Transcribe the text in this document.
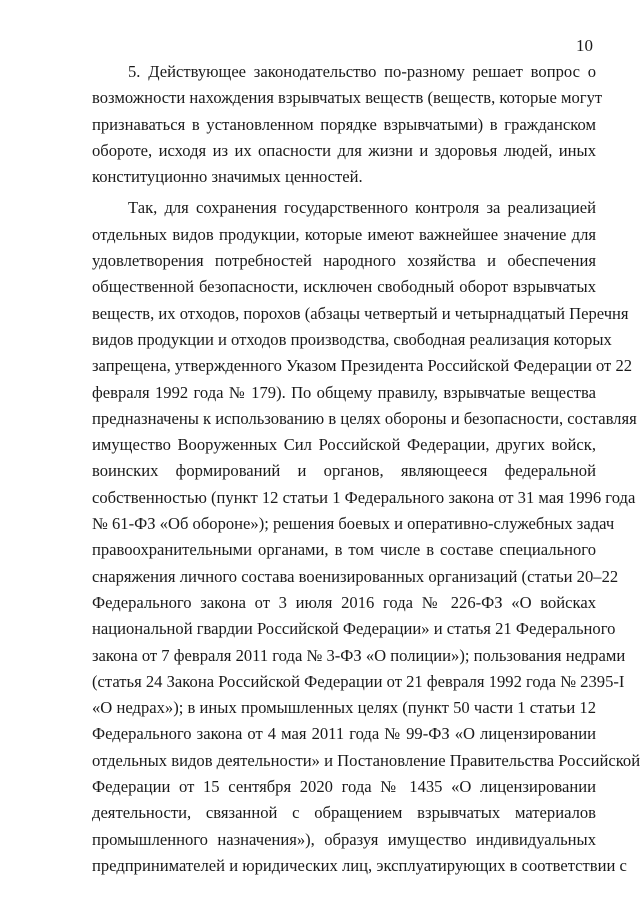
10
5. Действующее законодательство по-разному решает вопрос о
возможности нахождения взрывчатых веществ (веществ, которые могут
признаваться в установленном порядке взрывчатыми) в гражданском
обороте, исходя из их опасности для жизни и здоровья людей, иных
конституционно значимых ценностей.
Так, для сохранения государственного контроля за реализацией
отдельных видов продукции, которые имеют важнейшее значение для
удовлетворения потребностей народного хозяйства и обеспечения
общественной безопасности, исключен свободный оборот взрывчатых
веществ, их отходов, порохов (абзацы четвертый и четырнадцатый Перечня
видов продукции и отходов производства, свободная реализация которых
запрещена, утвержденного Указом Президента Российской Федерации от 22
февраля 1992 года № 179). По общему правилу, взрывчатые вещества
предназначены к использованию в целях обороны и безопасности, составляя
имущество Вооруженных Сил Российской Федерации, других войск,
воинских формирований и органов, являющееся федеральной
собственностью (пункт 12 статьи 1 Федерального закона от 31 мая 1996 года
№ 61-ФЗ «Об обороне»); решения боевых и оперативно-служебных задач
правоохранительными органами, в том числе в составе специального
снаряжения личного состава военизированных организаций (статьи 20–22
Федерального закона от 3 июля 2016 года № 226-ФЗ «О войсках
национальной гвардии Российской Федерации» и статья 21 Федерального
закона от 7 февраля 2011 года № 3-ФЗ «О полиции»); пользования недрами
(статья 24 Закона Российской Федерации от 21 февраля 1992 года № 2395-I
«О недрах»); в иных промышленных целях (пункт 50 части 1 статьи 12
Федерального закона от 4 мая 2011 года № 99-ФЗ «О лицензировании
отдельных видов деятельности» и Постановление Правительства Российской
Федерации от 15 сентября 2020 года № 1435 «О лицензировании
деятельности, связанной с обращением взрывчатых материалов
промышленного назначения»), образуя имущество индивидуальных
предпринимателей и юридических лиц, эксплуатирующих в соответствии с
